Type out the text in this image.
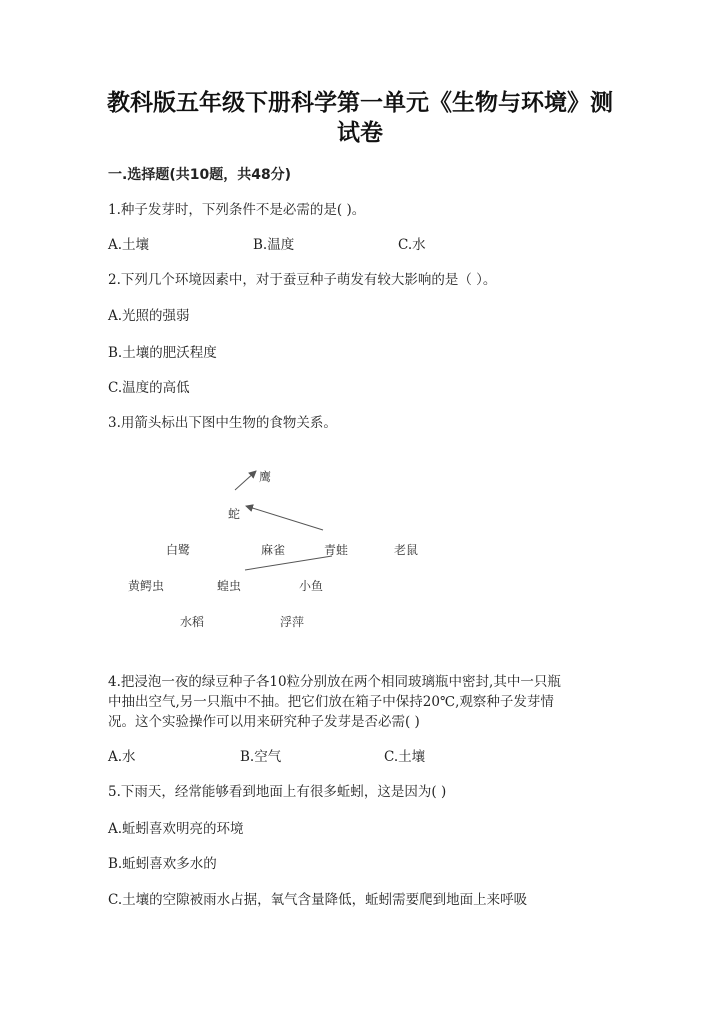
教科版五年级下册科学第一单元《生物与环境》测
试卷
一.选择题(共10题，共48分)
1.种子发芽时，下列条件不是必需的是( )。
A.土壤	B.温度	C.水
2.下列几个环境因素中，对于蚕豆种子萌发有较大影响的是（ ）。
A.光照的强弱
B.土壤的肥沃程度
C.温度的高低
3.用箭头标出下图中生物的食物关系。
鹰
蛇
白鹭	麻雀	青蛙	老鼠
黄鳄虫	蝗虫	小鱼
水稻	浮萍
4.把浸泡一夜的绿豆种子各10粒分别放在两个相同玻璃瓶中密封,其中一只瓶
中抽出空气,另一只瓶中不抽。把它们放在箱子中保持20℃,观察种子发芽情
况。这个实验操作可以用来研究种子发芽是否必需( )
A.水	B.空气	C.土壤
5.下雨天，经常能够看到地面上有很多蚯蚓，这是因为( )
A.蚯蚓喜欢明亮的环境
B.蚯蚓喜欢多水的
C.土壤的空隙被雨水占据，氧气含量降低，蚯蚓需要爬到地面上来呼吸
